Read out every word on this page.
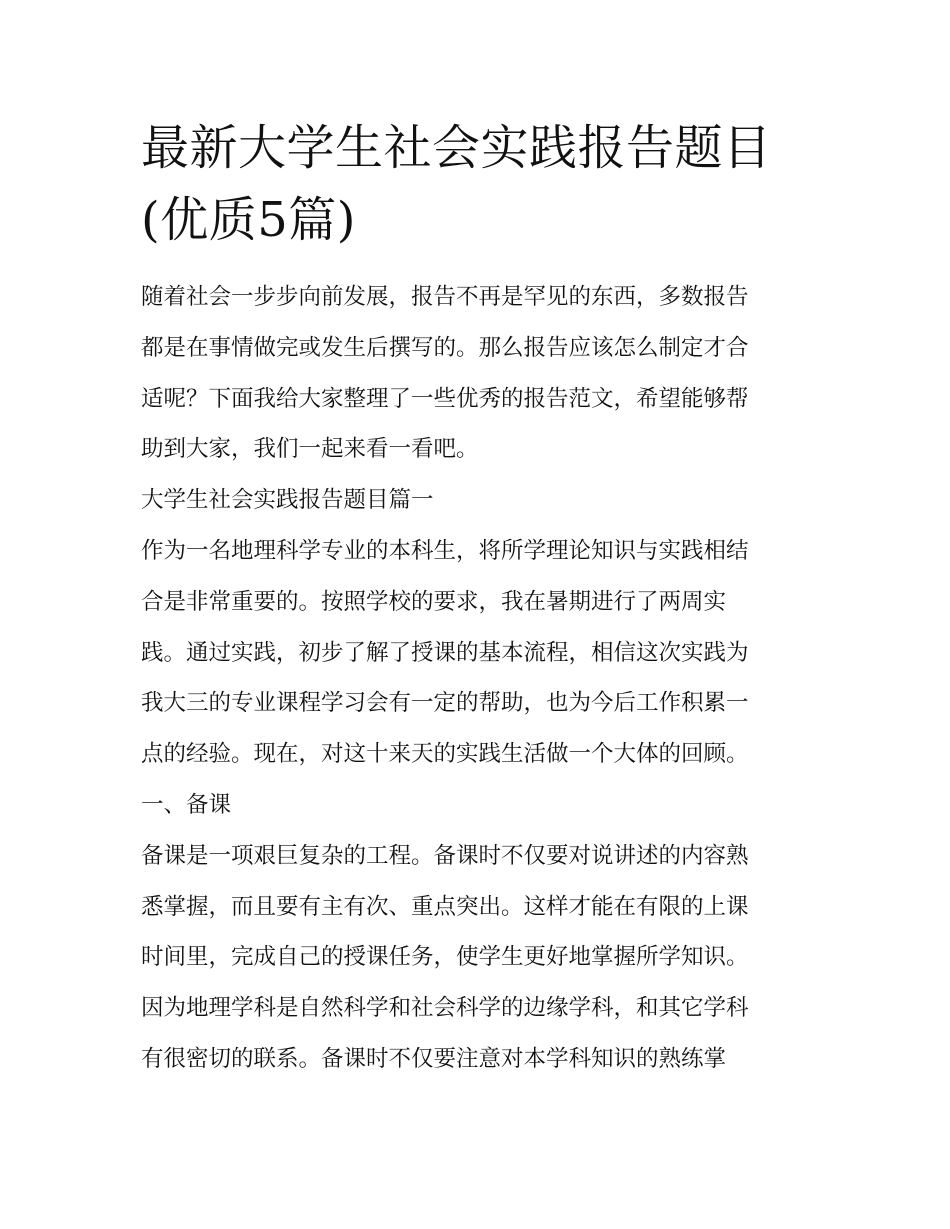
最新大学生社会实践报告题目
(优质5篇)

随着社会一步步向前发展，报告不再是罕见的东西，多数报告
都是在事情做完或发生后撰写的。那么报告应该怎么制定才合
适呢？下面我给大家整理了一些优秀的报告范文，希望能够帮
助到大家，我们一起来看一看吧。

大学生社会实践报告题目篇一

作为一名地理科学专业的本科生，将所学理论知识与实践相结
合是非常重要的。按照学校的要求，我在暑期进行了两周实
践。通过实践，初步了解了授课的基本流程，相信这次实践为
我大三的专业课程学习会有一定的帮助，也为今后工作积累一
点的经验。现在，对这十来天的实践生活做一个大体的回顾。

一、备课

备课是一项艰巨复杂的工程。备课时不仅要对说讲述的内容熟
悉掌握，而且要有主有次、重点突出。这样才能在有限的上课
时间里，完成自己的授课任务，使学生更好地掌握所学知识。
因为地理学科是自然科学和社会科学的边缘学科，和其它学科
有很密切的联系。备课时不仅要注意对本学科知识的熟练掌
